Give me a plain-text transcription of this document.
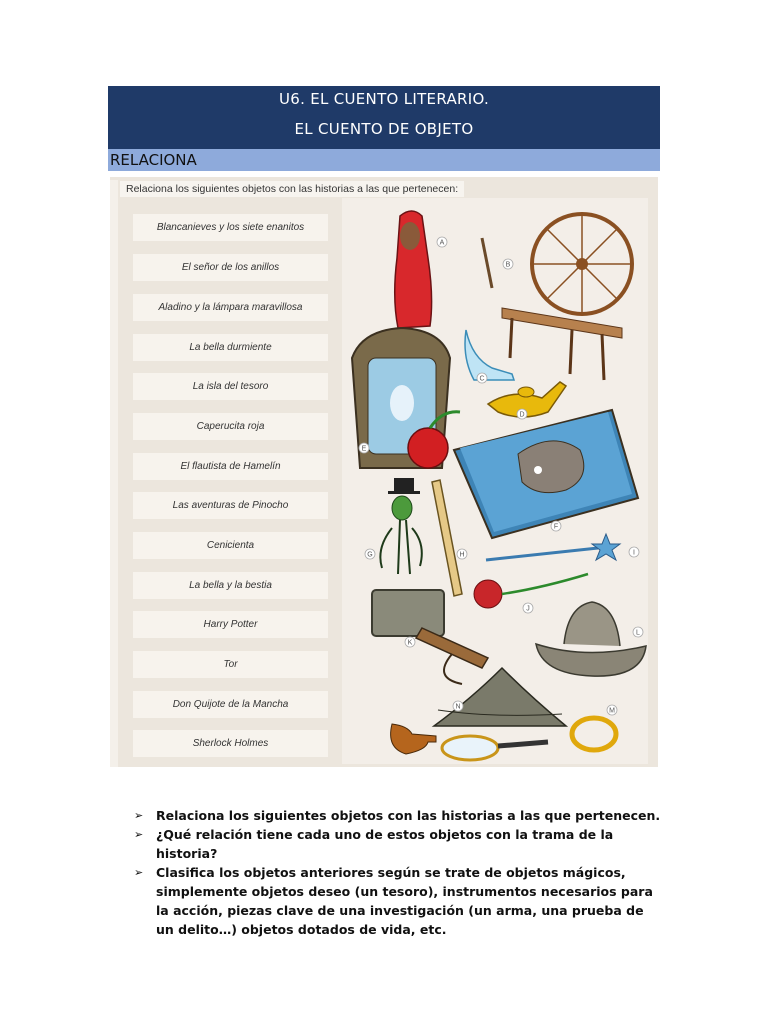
U6. EL CUENTO LITERARIO.
EL CUENTO DE OBJETO
RELACIONA
Relaciona los siguientes objetos con las historias a las que pertenecen:
Blancanieves y los siete enanitos
El señor de los anillos
Aladino y la lámpara maravillosa
La bella durmiente
La isla del tesoro
Caperucita roja
El flautista de Hamelín
Las aventuras de Pinocho
Cenicienta
La bella y la bestia
Harry Potter
Tor
Don Quijote de la Mancha
Sherlock Holmes
A
B
C
D
E
F
G	H	I
J
K
L
M
N

➢ Relaciona los siguientes objetos con las historias a las que pertenecen.

➢ ¿Qué relación tiene cada uno de estos objetos con la trama de la historia?

➢ Clasifica los objetos anteriores según se trate de objetos mágicos, simplemente objetos deseo (un tesoro), instrumentos necesarios para la acción, piezas clave de una investigación (un arma, una prueba de un delito…) objetos dotados de vida, etc.
